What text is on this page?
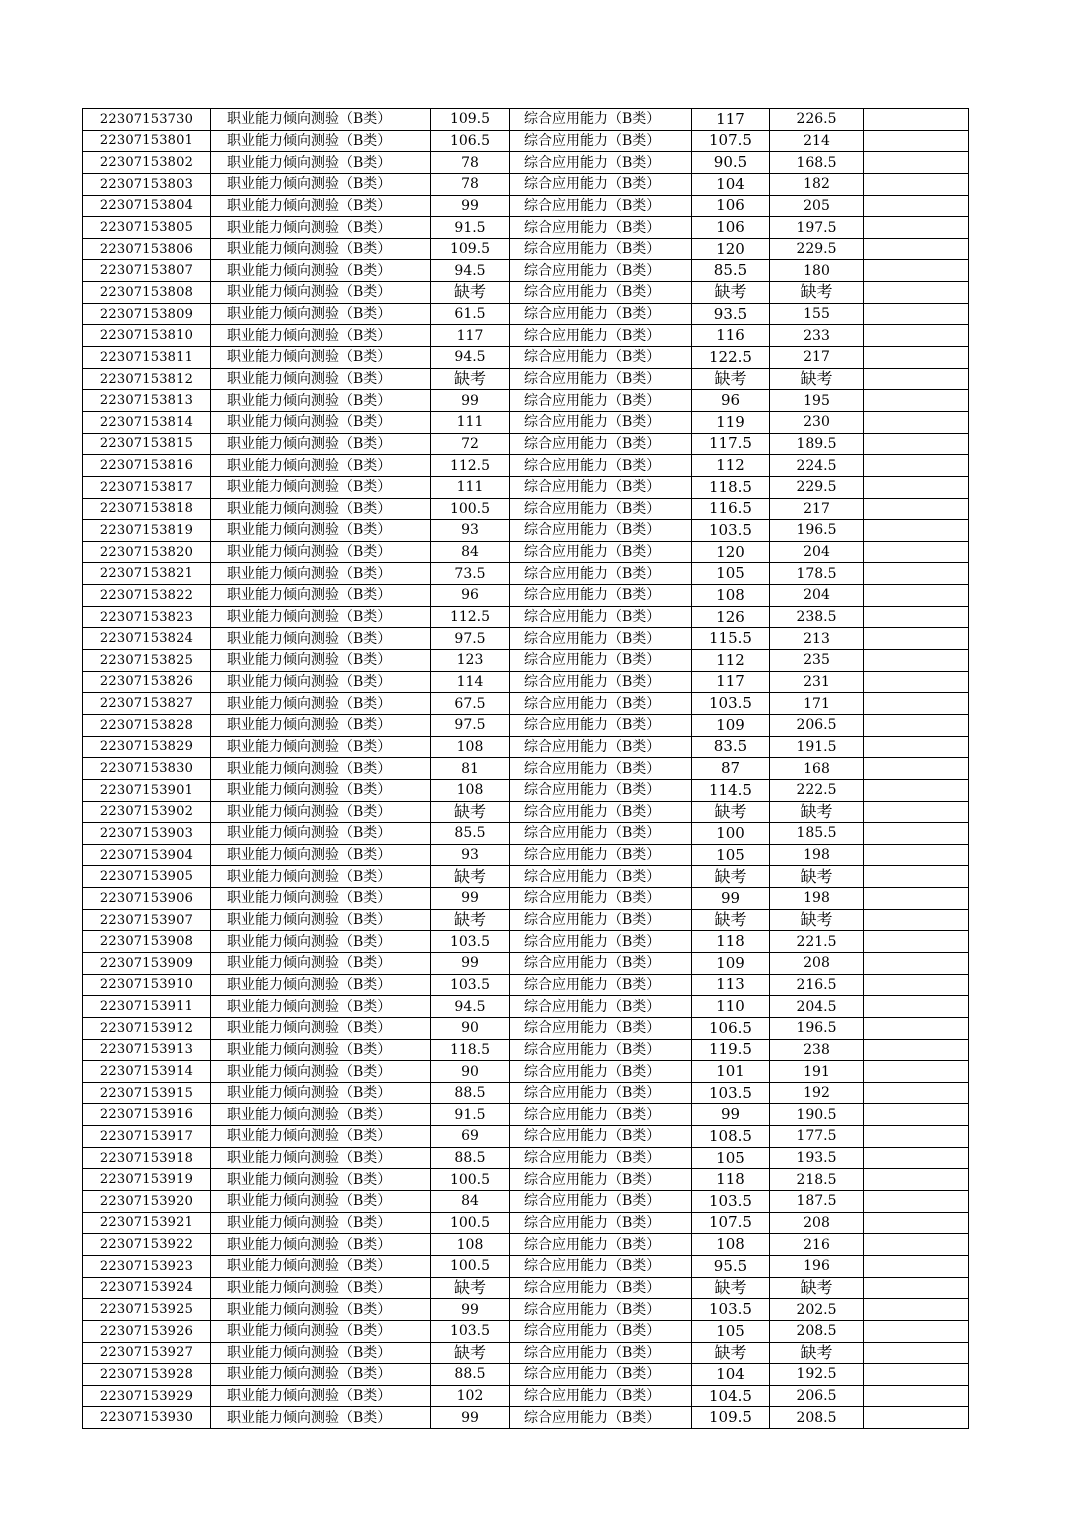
22307153730	职业能力倾向测验（B类）	109.5	综合应用能力（B类）	117	226.5	
22307153801	职业能力倾向测验（B类）	106.5	综合应用能力（B类）	107.5	214	
22307153802	职业能力倾向测验（B类）	78	综合应用能力（B类）	90.5	168.5	
22307153803	职业能力倾向测验（B类）	78	综合应用能力（B类）	104	182	
22307153804	职业能力倾向测验（B类）	99	综合应用能力（B类）	106	205	
22307153805	职业能力倾向测验（B类）	91.5	综合应用能力（B类）	106	197.5	
22307153806	职业能力倾向测验（B类）	109.5	综合应用能力（B类）	120	229.5	
22307153807	职业能力倾向测验（B类）	94.5	综合应用能力（B类）	85.5	180	
22307153808	职业能力倾向测验（B类）	缺考	综合应用能力（B类）	缺考	缺考	
22307153809	职业能力倾向测验（B类）	61.5	综合应用能力（B类）	93.5	155	
22307153810	职业能力倾向测验（B类）	117	综合应用能力（B类）	116	233	
22307153811	职业能力倾向测验（B类）	94.5	综合应用能力（B类）	122.5	217	
22307153812	职业能力倾向测验（B类）	缺考	综合应用能力（B类）	缺考	缺考	
22307153813	职业能力倾向测验（B类）	99	综合应用能力（B类）	96	195	
22307153814	职业能力倾向测验（B类）	111	综合应用能力（B类）	119	230	
22307153815	职业能力倾向测验（B类）	72	综合应用能力（B类）	117.5	189.5	
22307153816	职业能力倾向测验（B类）	112.5	综合应用能力（B类）	112	224.5	
22307153817	职业能力倾向测验（B类）	111	综合应用能力（B类）	118.5	229.5	
22307153818	职业能力倾向测验（B类）	100.5	综合应用能力（B类）	116.5	217	
22307153819	职业能力倾向测验（B类）	93	综合应用能力（B类）	103.5	196.5	
22307153820	职业能力倾向测验（B类）	84	综合应用能力（B类）	120	204	
22307153821	职业能力倾向测验（B类）	73.5	综合应用能力（B类）	105	178.5	
22307153822	职业能力倾向测验（B类）	96	综合应用能力（B类）	108	204	
22307153823	职业能力倾向测验（B类）	112.5	综合应用能力（B类）	126	238.5	
22307153824	职业能力倾向测验（B类）	97.5	综合应用能力（B类）	115.5	213	
22307153825	职业能力倾向测验（B类）	123	综合应用能力（B类）	112	235	
22307153826	职业能力倾向测验（B类）	114	综合应用能力（B类）	117	231	
22307153827	职业能力倾向测验（B类）	67.5	综合应用能力（B类）	103.5	171	
22307153828	职业能力倾向测验（B类）	97.5	综合应用能力（B类）	109	206.5	
22307153829	职业能力倾向测验（B类）	108	综合应用能力（B类）	83.5	191.5	
22307153830	职业能力倾向测验（B类）	81	综合应用能力（B类）	87	168	
22307153901	职业能力倾向测验（B类）	108	综合应用能力（B类）	114.5	222.5	
22307153902	职业能力倾向测验（B类）	缺考	综合应用能力（B类）	缺考	缺考	
22307153903	职业能力倾向测验（B类）	85.5	综合应用能力（B类）	100	185.5	
22307153904	职业能力倾向测验（B类）	93	综合应用能力（B类）	105	198	
22307153905	职业能力倾向测验（B类）	缺考	综合应用能力（B类）	缺考	缺考	
22307153906	职业能力倾向测验（B类）	99	综合应用能力（B类）	99	198	
22307153907	职业能力倾向测验（B类）	缺考	综合应用能力（B类）	缺考	缺考	
22307153908	职业能力倾向测验（B类）	103.5	综合应用能力（B类）	118	221.5	
22307153909	职业能力倾向测验（B类）	99	综合应用能力（B类）	109	208	
22307153910	职业能力倾向测验（B类）	103.5	综合应用能力（B类）	113	216.5	
22307153911	职业能力倾向测验（B类）	94.5	综合应用能力（B类）	110	204.5	
22307153912	职业能力倾向测验（B类）	90	综合应用能力（B类）	106.5	196.5	
22307153913	职业能力倾向测验（B类）	118.5	综合应用能力（B类）	119.5	238	
22307153914	职业能力倾向测验（B类）	90	综合应用能力（B类）	101	191	
22307153915	职业能力倾向测验（B类）	88.5	综合应用能力（B类）	103.5	192	
22307153916	职业能力倾向测验（B类）	91.5	综合应用能力（B类）	99	190.5	
22307153917	职业能力倾向测验（B类）	69	综合应用能力（B类）	108.5	177.5	
22307153918	职业能力倾向测验（B类）	88.5	综合应用能力（B类）	105	193.5	
22307153919	职业能力倾向测验（B类）	100.5	综合应用能力（B类）	118	218.5	
22307153920	职业能力倾向测验（B类）	84	综合应用能力（B类）	103.5	187.5	
22307153921	职业能力倾向测验（B类）	100.5	综合应用能力（B类）	107.5	208	
22307153922	职业能力倾向测验（B类）	108	综合应用能力（B类）	108	216	
22307153923	职业能力倾向测验（B类）	100.5	综合应用能力（B类）	95.5	196	
22307153924	职业能力倾向测验（B类）	缺考	综合应用能力（B类）	缺考	缺考	
22307153925	职业能力倾向测验（B类）	99	综合应用能力（B类）	103.5	202.5	
22307153926	职业能力倾向测验（B类）	103.5	综合应用能力（B类）	105	208.5	
22307153927	职业能力倾向测验（B类）	缺考	综合应用能力（B类）	缺考	缺考	
22307153928	职业能力倾向测验（B类）	88.5	综合应用能力（B类）	104	192.5	
22307153929	职业能力倾向测验（B类）	102	综合应用能力（B类）	104.5	206.5	
22307153930	职业能力倾向测验（B类）	99	综合应用能力（B类）	109.5	208.5	
